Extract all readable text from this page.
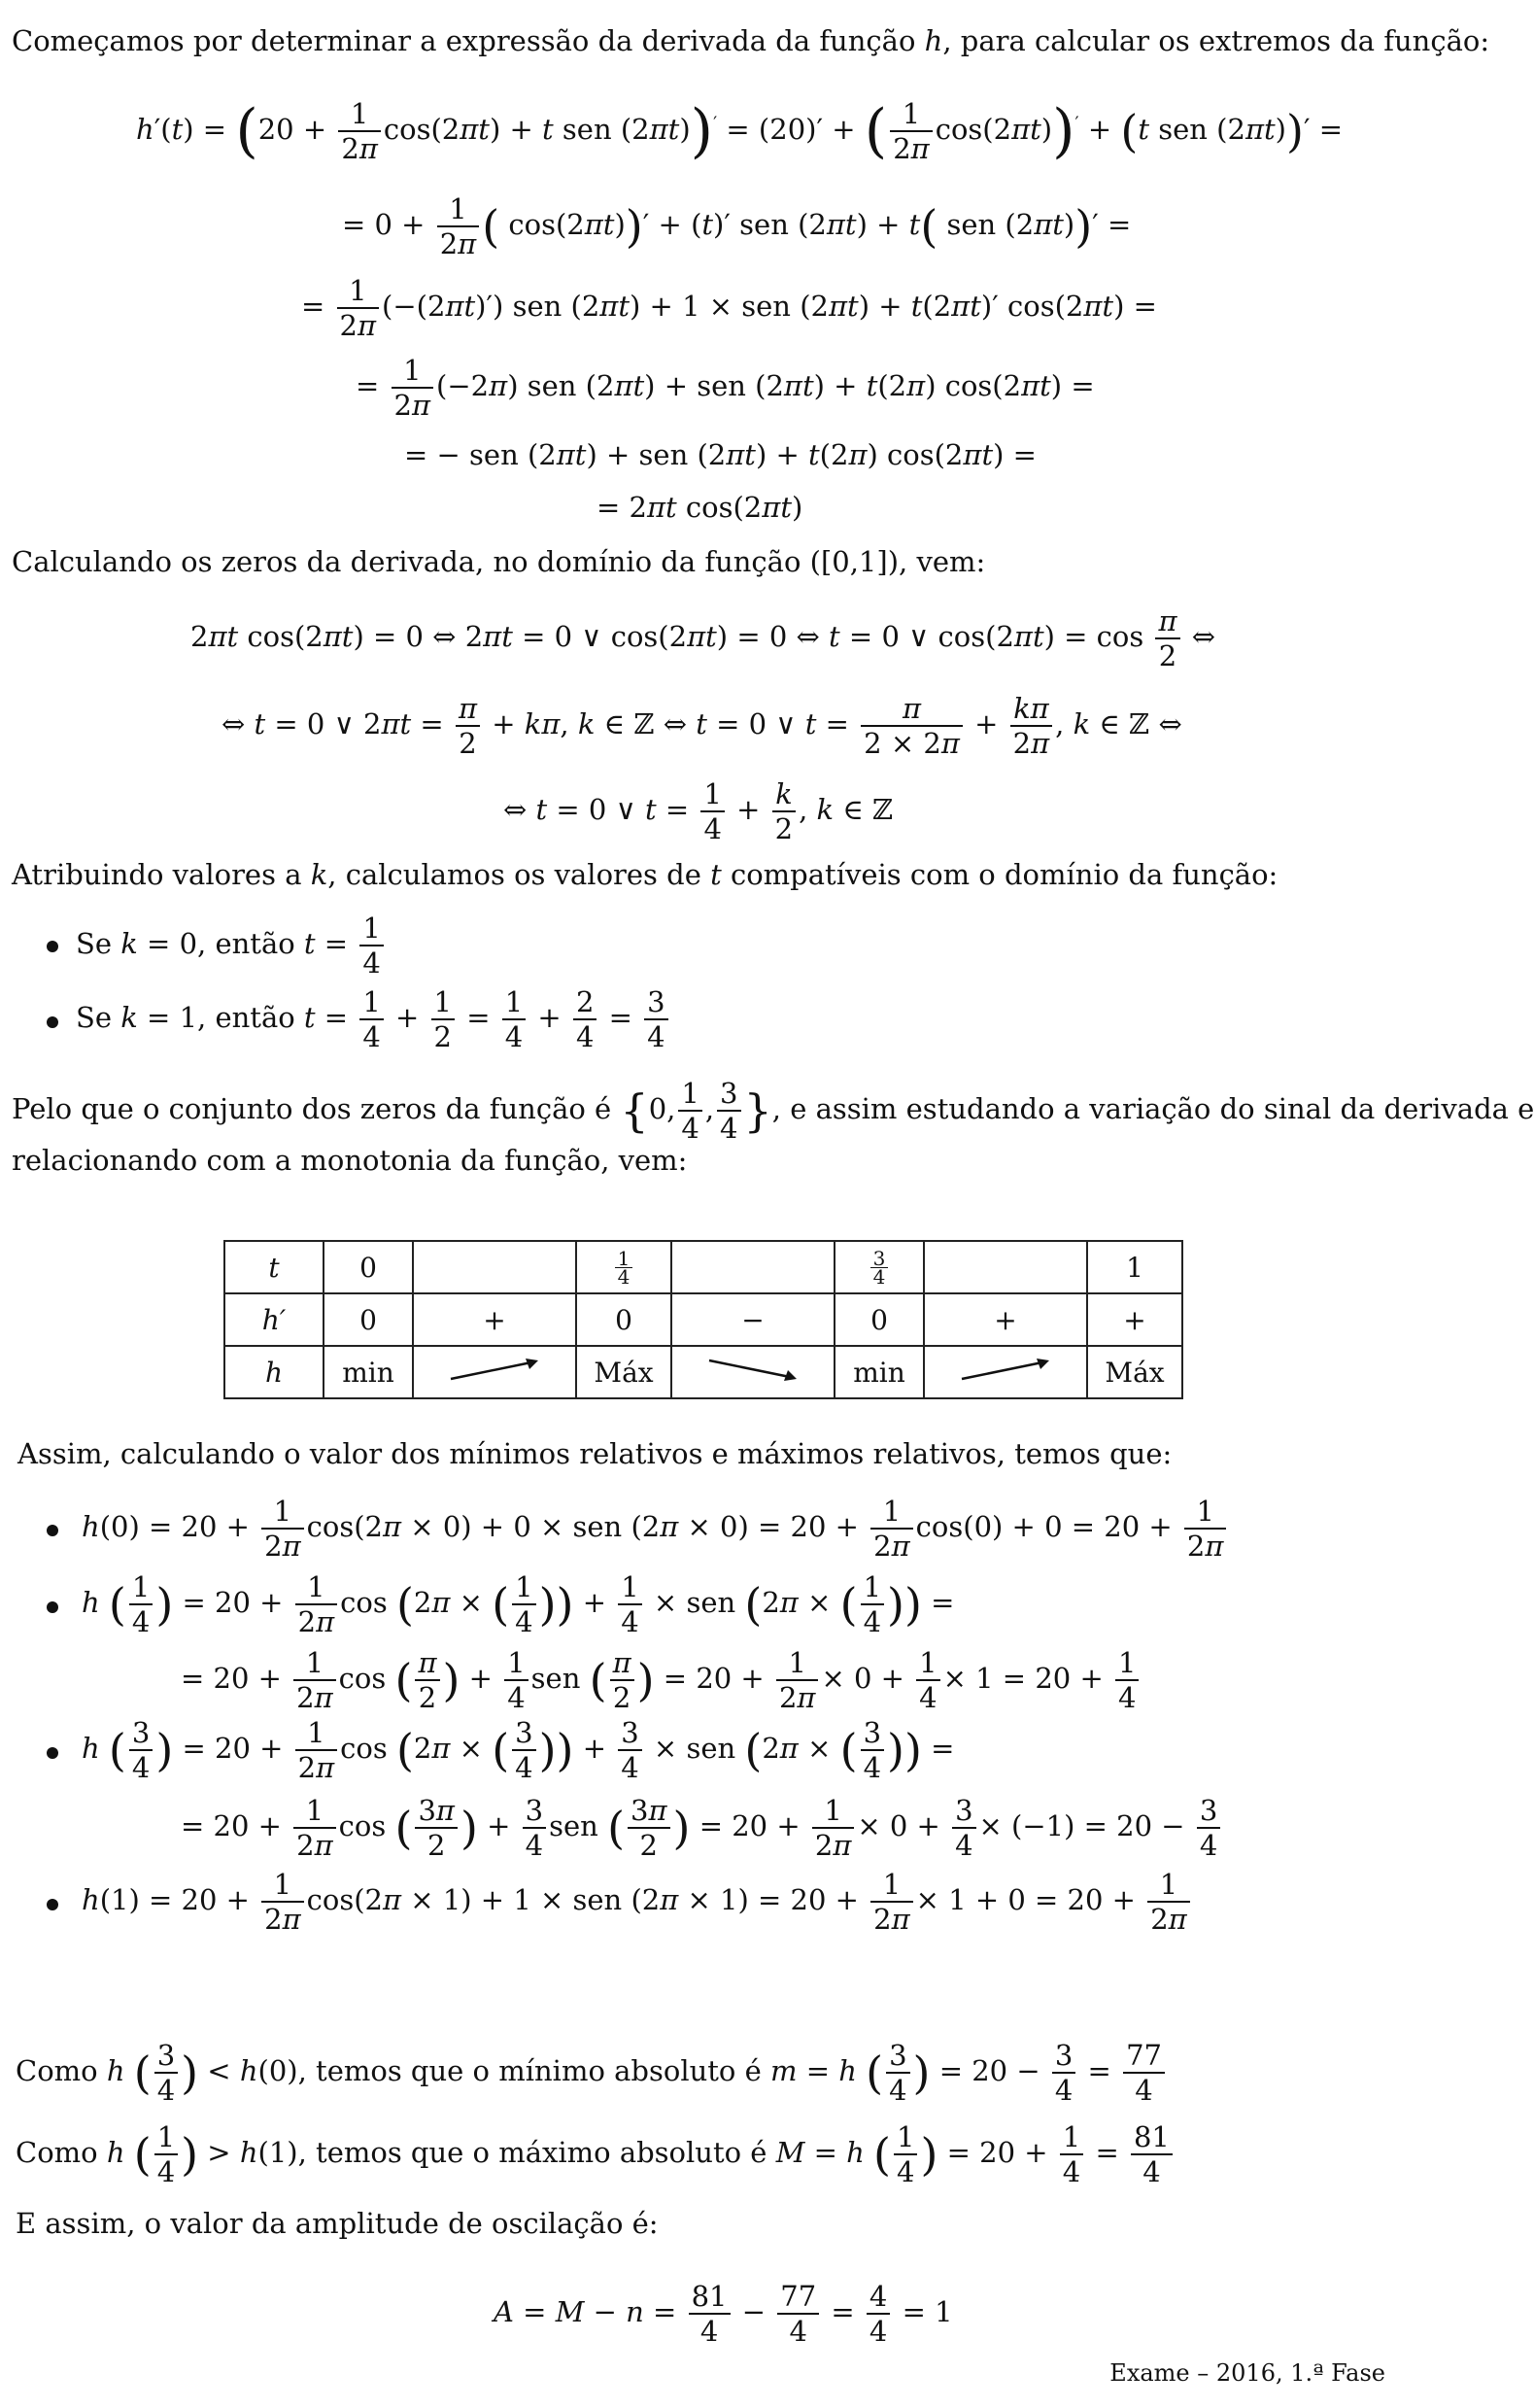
Começamos por determinar a expressão da derivada da função h, para calcular os extremos da função:
$h'(t) = (20 + \frac{1}{2\pi} \cos(2\pi t) + t$ sen (2πt))′ = (20)′ + ( $\frac{1}{2\pi} \cos(2\pi t))' + (t$ sen (2πt))′ =
= $0 + \frac{1}{2\pi}$ ( cos(2πt))′ + (t)′ sen (2πt) + t( sen (2πt))′ =
= $\frac{1}{2\pi} (-(2\pi t)')$ sen (2πt) + 1 × sen (2πt) + t(2πt)′ cos(2πt) =
= $\frac{1}{2\pi} (-2\pi)$ sen (2πt) + sen (2πt) + t(2π) cos(2πt) =
= − sen (2πt) + sen (2πt) + t(2π) cos(2πt) =
= 2πt cos(2πt)
Calculando os zeros da derivada, no domínio da função ([0,1]), vem:
2πt cos(2πt) = 0 ⇔ 2πt = 0 ∨ cos(2πt) = 0 ⇔ t = 0 ∨ $\cos(2\pi t) = \cos \frac{\pi}{2}$ ⇔
⇔ t = 0 ∨ $2\pi t = \frac{\pi}{2} + k\pi$, k ∈ ℤ ⇔ t = 0 ∨ $t = \frac{\pi}{2 \times 2\pi} + \frac{k\pi}{2\pi}$ , k ∈ ℤ ⇔
⇔ t = 0 ∨ $t = \frac{1}{4} + \frac{k}{2}$ , k ∈ ℤ
Atribuindo valores a k, calculamos os valores de t compatíveis com o domínio da função:
Se k = 0, então $t = \frac{1}{4}$
Se k = 1, então $t = \frac{1}{4} + \frac{1}{2} = \frac{1}{4} + \frac{2}{4} = \frac{3}{4}$
Pelo que o conjunto dos zeros da função é {0, $\frac{1}{4}$ , $\frac{3}{4}$ }, e assim estudando a variação do sinal da derivada e
relacionando com a monotonia da função, vem:
t	0		$\frac{1}{4}$		$\frac{3}{4}$		1
h′	0	+	0	−	0	+	+
h	min		Máx		min		Máx
Assim, calculando o valor dos mínimos relativos e máximos relativos, temos que:
$h(0) = 20 + \frac{1}{2\pi} \cos(2\pi \times 0) + 0$ × sen $(2\pi \times 0) = 20 + \frac{1}{2\pi} \cos(0) + 0 = 20 + \frac{1}{2\pi}$
h ( $\frac{1}{4}$ ) = $20 + \frac{1}{2\pi}$ cos (2π × ( $\frac{1}{4}$ )) + $\frac{1}{4}$ × sen (2π × ( $\frac{1}{4}$ )) =
= $20 + \frac{1}{2\pi}$ cos ( $\frac{\pi}{2}$ ) + $\frac{1}{4}$ sen ( $\frac{\pi}{2}$ ) = $20 + \frac{1}{2\pi} \times 0 + \frac{1}{4} \times 1 = 20 + \frac{1}{4}$
h ( $\frac{3}{4}$ ) = $20 + \frac{1}{2\pi}$ cos (2π × ( $\frac{3}{4}$ )) + $\frac{3}{4}$ × sen (2π × ( $\frac{3}{4}$ )) =
= $20 + \frac{1}{2\pi}$ cos ( $\frac{3\pi}{2}$ ) + $\frac{3}{4}$ sen ( $\frac{3\pi}{2}$ ) = $20 + \frac{1}{2\pi} \times 0 + \frac{3}{4} \times (-1) = 20 - \frac{3}{4}$
$h(1) = 20 + \frac{1}{2\pi} \cos(2\pi \times 1) + 1$ × sen $(2\pi \times 1) = 20 + \frac{1}{2\pi} \times 1 + 0 = 20 + \frac{1}{2\pi}$
Como h ( $\frac{3}{4}$ ) < h(0), temos que o mínimo absoluto é m = h ( $\frac{3}{4}$ ) = $20 - \frac{3}{4} = \frac{77}{4}$
Como h ( $\frac{1}{4}$ ) > h(1), temos que o máximo absoluto é M = h ( $\frac{1}{4}$ ) = $20 + \frac{1}{4} = \frac{81}{4}$
E assim, o valor da amplitude de oscilação é:
$A = M - n = \frac{81}{4} - \frac{77}{4} = \frac{4}{4} = 1$
Exame – 2016, 1.ª Fase
